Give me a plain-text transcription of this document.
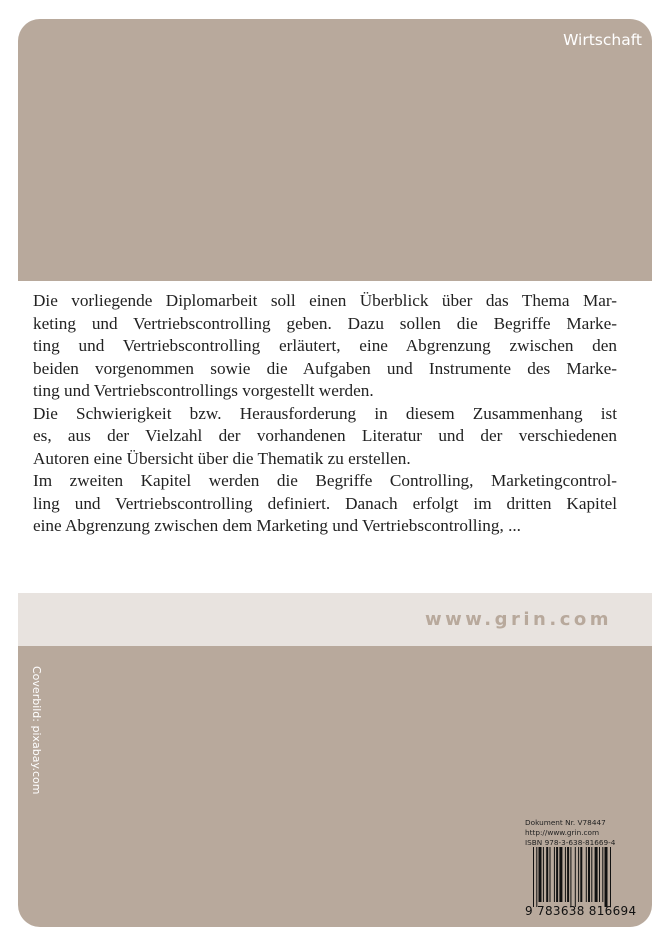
Wirtschaft
Die vorliegende Diplomarbeit soll einen Überblick über das Thema Mar-
keting und Vertriebscontrolling geben. Dazu sollen die Begriffe Marke-
ting und Vertriebscontrolling erläutert, eine Abgrenzung zwischen den
beiden vorgenommen sowie die Aufgaben und Instrumente des Marke-
ting und Vertriebscontrollings vorgestellt werden.
Die Schwierigkeit bzw. Herausforderung in diesem Zusammenhang ist
es, aus der Vielzahl der vorhandenen Literatur und der verschiedenen
Autoren eine Übersicht über die Thematik zu erstellen.
Im zweiten Kapitel werden die Begriffe Controlling, Marketingcontrol-
ling und Vertriebscontrolling definiert. Danach erfolgt im dritten Kapitel
eine Abgrenzung zwischen dem Marketing und Vertriebscontrolling, ...
www.grin.com
Coverbild: pixabay.com
Dokument Nr. V78447
http://www.grin.com
ISBN 978-3-638-81669-4
9 783638 816694
